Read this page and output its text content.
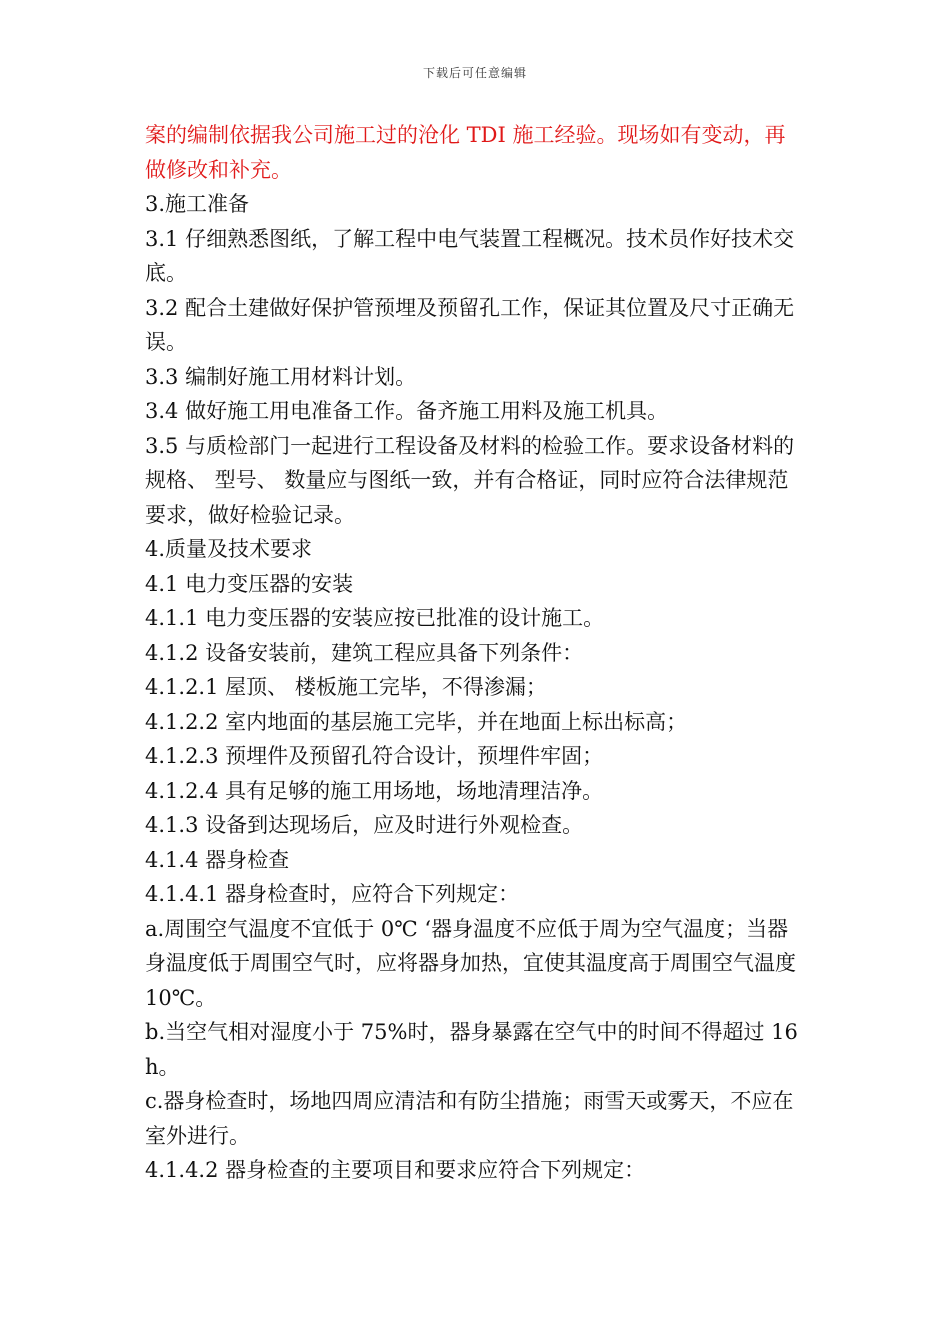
下载后可任意编辑

案的编制依据我公司施工过的沧化 TDI 施工经验。现场如有变动，再做修改和补充。

3.施工准备

3.1 仔细熟悉图纸，了解工程中电气装置工程概况。技术员作好技术交底。

3.2 配合土建做好保护管预埋及预留孔工作，保证其位置及尺寸正确无误。

3.3 编制好施工用材料计划。

3.4 做好施工用电准备工作。备齐施工用料及施工机具。

3.5 与质检部门一起进行工程设备及材料的检验工作。要求设备材料的规格、 型号、 数量应与图纸一致，并有合格证，同时应符合法律规范要求，做好检验记录。

4.质量及技术要求

4.1 电力变压器的安装

4.1.1 电力变压器的安装应按已批准的设计施工。

4.1.2 设备安装前，建筑工程应具备下列条件：

4.1.2.1 屋顶、 楼板施工完毕，不得渗漏；

4.1.2.2 室内地面的基层施工完毕，并在地面上标出标高；

4.1.2.3 预埋件及预留孔符合设计，预埋件牢固；

4.1.2.4 具有足够的施工用场地，场地清理洁净。

4.1.3 设备到达现场后，应及时进行外观检查。

4.1.4 器身检查

4.1.4.1 器身检查时，应符合下列规定：

a.周围空气温度不宜低于 0℃ ‘器身温度不应低于周为空气温度；当器身温度低于周围空气时，应将器身加热，宜使其温度高于周围空气温度 10℃。

b.当空气相对湿度小于 75%时，器身暴露在空气中的时间不得超过 16h。

c.器身检查时，场地四周应清洁和有防尘措施；雨雪天或雾天，不应在室外进行。

4.1.4.2 器身检查的主要项目和要求应符合下列规定：
